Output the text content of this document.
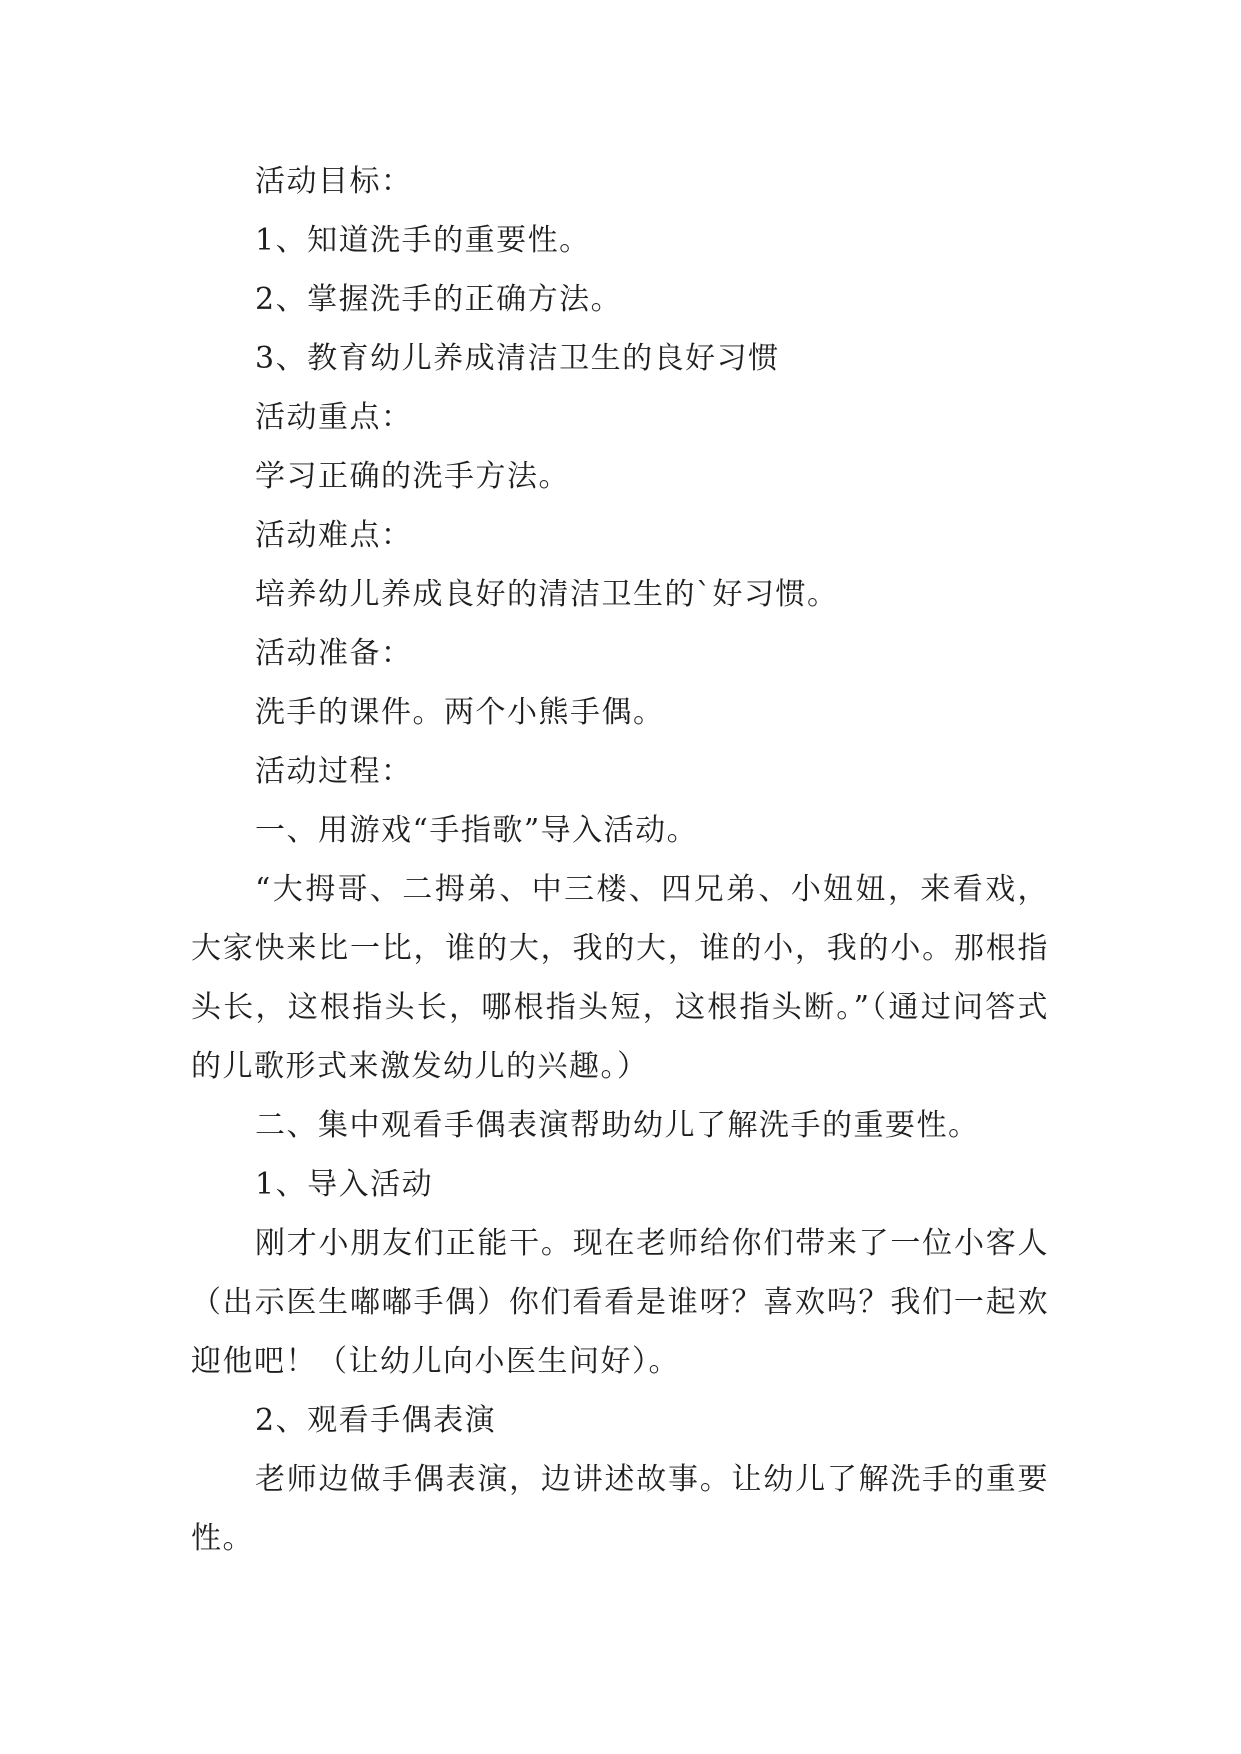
活动目标：

1、知道洗手的重要性。

2、掌握洗手的正确方法。

3、教育幼儿养成清洁卫生的良好习惯

活动重点：

学习正确的洗手方法。

活动难点：

培养幼儿养成良好的清洁卫生的`好习惯。

活动准备：

洗手的课件。两个小熊手偶。

活动过程：

一、用游戏“手指歌”导入活动。

“大拇哥、二拇弟、中三楼、四兄弟、小妞妞，来看戏，大家快来比一比，谁的大，我的大，谁的小，我的小。那根指头长，这根指头长，哪根指头短，这根指头断。”（通过问答式的儿歌形式来激发幼儿的兴趣。）

二、集中观看手偶表演帮助幼儿了解洗手的重要性。

1、导入活动

刚才小朋友们正能干。现在老师给你们带来了一位小客人（出示医生嘟嘟手偶）你们看看是谁呀？喜欢吗？我们一起欢迎他吧！（让幼儿向小医生问好）。

2、观看手偶表演

老师边做手偶表演，边讲述故事。让幼儿了解洗手的重要性。
